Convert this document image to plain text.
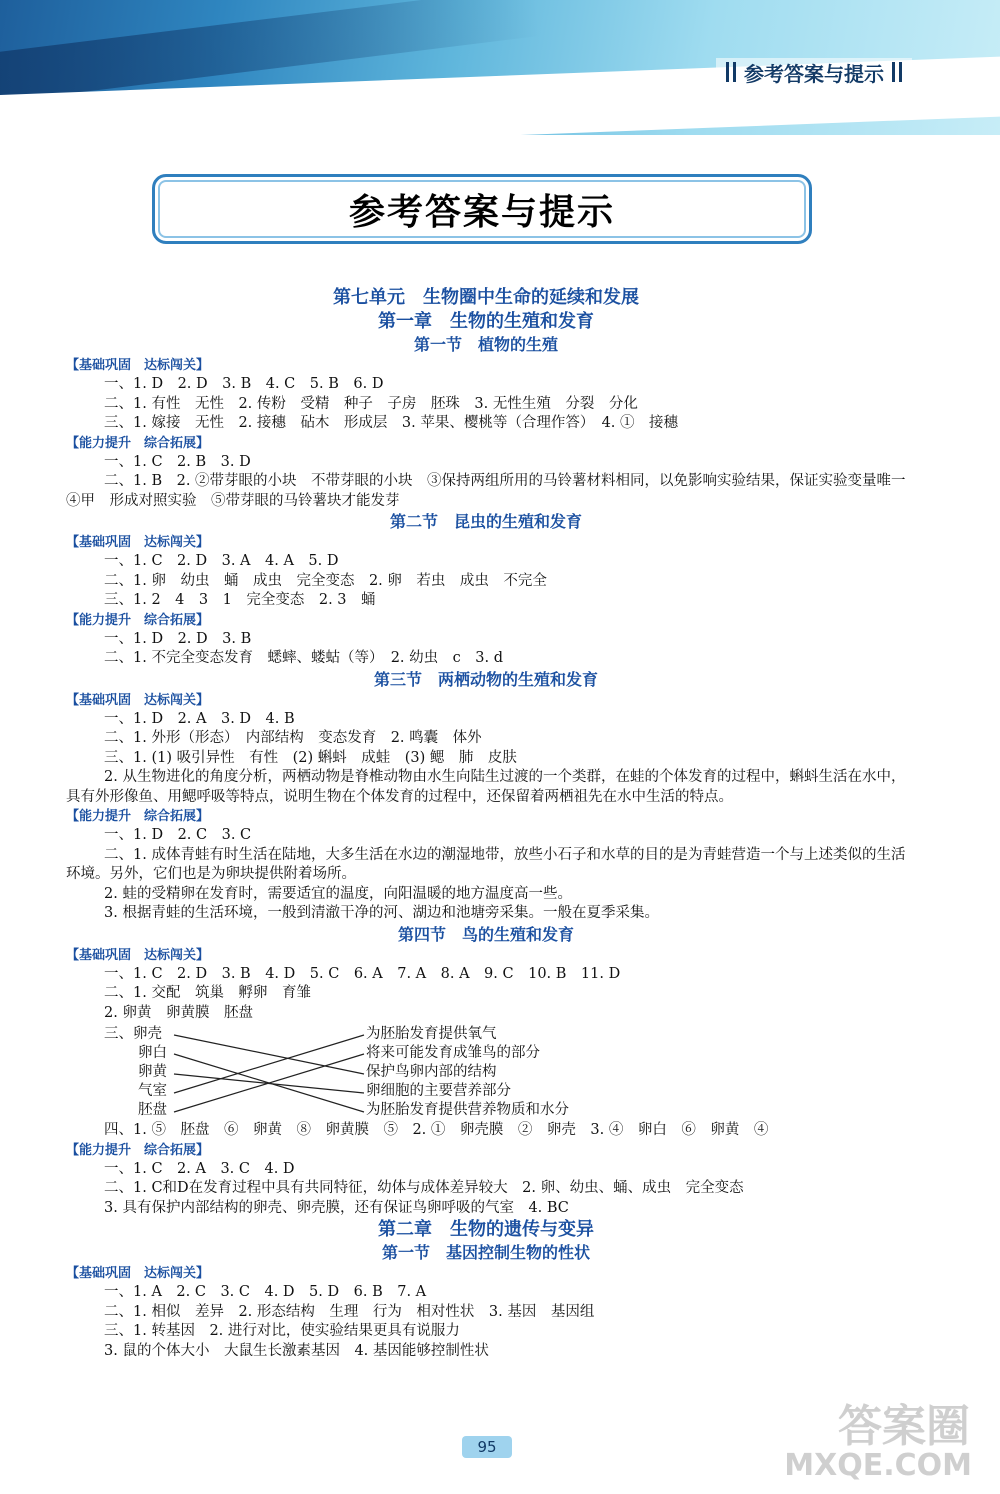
参考答案与提示
参考答案与提示
第七单元　生物圈中生命的延续和发展
第一章　生物的生殖和发育
第一节　植物的生殖
【基础巩固　达标闯关】
一、1. D　2. D　3. B　4. C　5. B　6. D
二、1. 有性　无性　2. 传粉　受精　种子　子房　胚珠　3. 无性生殖　分裂　分化
三、1. 嫁接　无性　2. 接穗　砧木　形成层　3. 苹果、樱桃等（合理作答）　4. ①　接穗
【能力提升　综合拓展】
一、1. C　2. B　3. D
二、1. B　2. ②带芽眼的小块　不带芽眼的小块　③保持两组所用的马铃薯材料相同，以免影响实验结果，保证实验变量唯一　④甲　形成对照实验　⑤带芽眼的马铃薯块才能发芽
第二节　昆虫的生殖和发育
【基础巩固　达标闯关】
一、1. C　2. D　3. A　4. A　5. D
二、1. 卵　幼虫　蛹　成虫　完全变态　2. 卵　若虫　成虫　不完全
三、1. 2　4　3　1　完全变态　2. 3　蛹
【能力提升　综合拓展】
一、1. D　2. D　3. B
二、1. 不完全变态发育　蟋蟀、蝼蛄（等）　2. 幼虫　c　3. d
第三节　两栖动物的生殖和发育
【基础巩固　达标闯关】
一、1. D　2. A　3. D　4. B
二、1. 外形（形态）　内部结构　变态发育　2. 鸣囊　体外
三、1. (1) 吸引异性　有性　(2) 蝌蚪　成蛙　(3) 鳃　肺　皮肤
2. 从生物进化的角度分析，两栖动物是脊椎动物由水生向陆生过渡的一个类群，在蛙的个体发育的过程中，蝌蚪生活在水中，具有外形像鱼、用鳃呼吸等特点，说明生物在个体发育的过程中，还保留着两栖祖先在水中生活的特点。
【能力提升　综合拓展】
一、1. D　2. C　3. C
二、1. 成体青蛙有时生活在陆地，大多生活在水边的潮湿地带，放些小石子和水草的目的是为青蛙营造一个与上述类似的生活环境。另外，它们也是为卵块提供附着场所。
2. 蛙的受精卵在发育时，需要适宜的温度，向阳温暖的地方温度高一些。
3. 根据青蛙的生活环境，一般到清澈干净的河、湖边和池塘旁采集。一般在夏季采集。
第四节　鸟的生殖和发育
【基础巩固　达标闯关】
一、1. C　2. D　3. B　4. D　5. C　6. A　7. A　8. A　9. C　10. B　11. D
二、1. 交配　筑巢　孵卵　育雏
2. 卵黄　卵黄膜　胚盘
三、卵壳
卵白
卵黄
气室
胚盘
为胚胎发育提供氧气
将来可能发育成雏鸟的部分
保护鸟卵内部的结构
卵细胞的主要营养部分
为胚胎发育提供营养物质和水分
四、1. ⑤　胚盘　⑥　卵黄　⑧　卵黄膜　⑤　2. ①　卵壳膜　②　卵壳　3. ④　卵白　⑥　卵黄　④
【能力提升　综合拓展】
一、1. C　2. A　3. C　4. D
二、1. C和D在发育过程中具有共同特征，幼体与成体差异较大　2. 卵、幼虫、蛹、成虫　完全变态
3. 具有保护内部结构的卵壳、卵壳膜，还有保证鸟卵呼吸的气室　4. BC
第二章　生物的遗传与变异
第一节　基因控制生物的性状
【基础巩固　达标闯关】
一、1. A　2. C　3. C　4. D　5. D　6. B　7. A
二、1. 相似　差异　2. 形态结构　生理　行为　相对性状　3. 基因　基因组
三、1. 转基因　2. 进行对比，使实验结果更具有说服力
3. 鼠的个体大小　大鼠生长激素基因　4. 基因能够控制性状
95	答案圈
MXQE.COM
